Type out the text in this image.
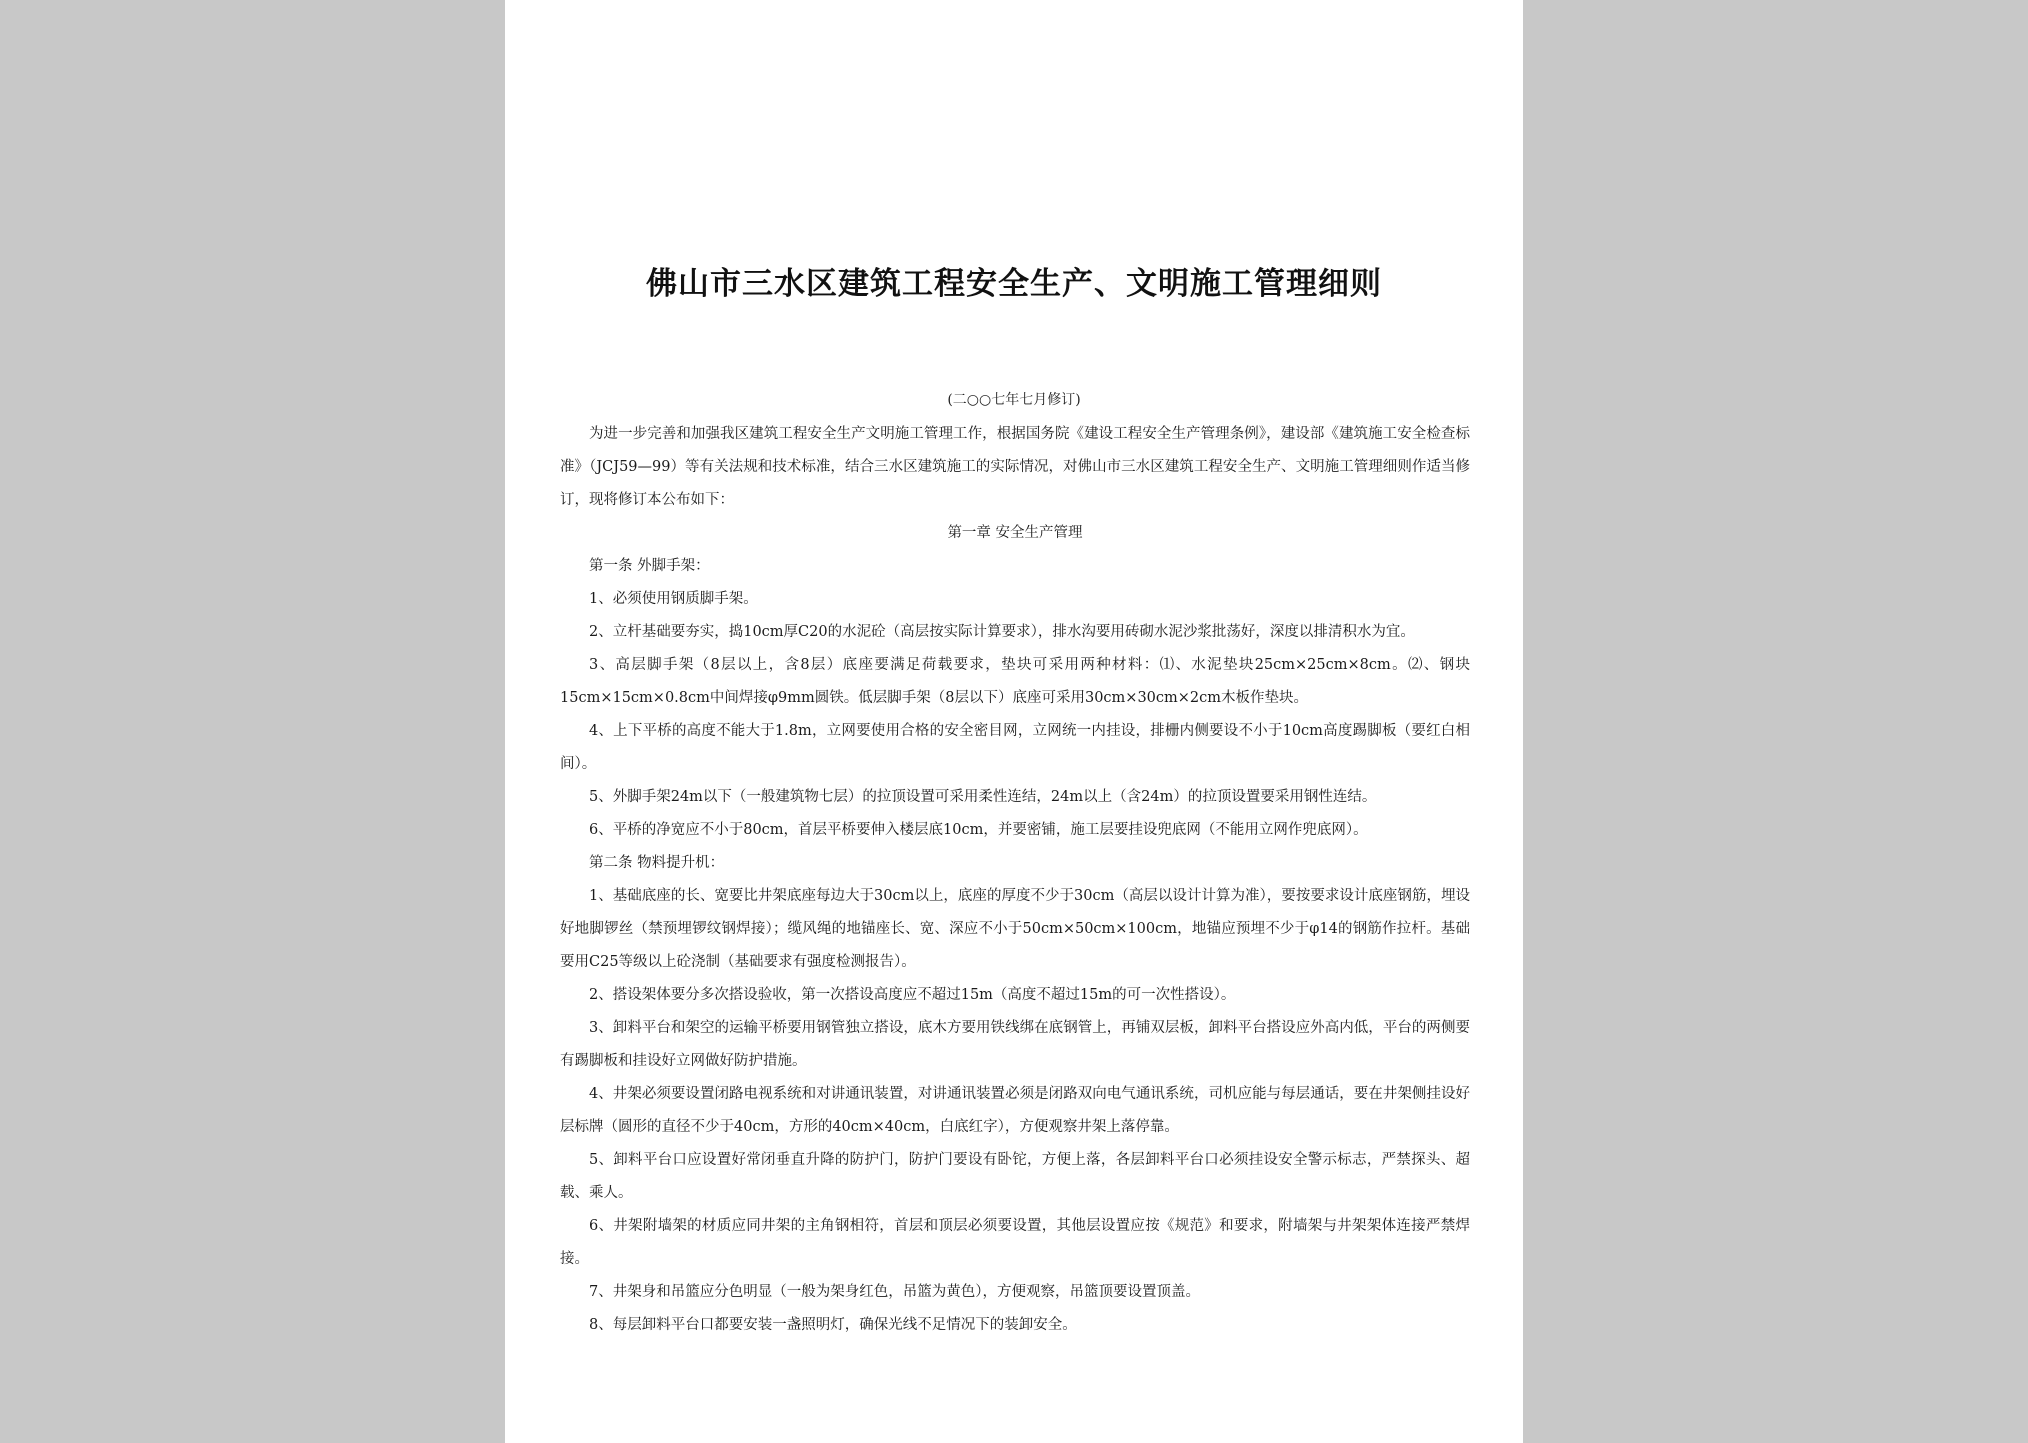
佛山市三水区建筑工程安全生产、文明施工管理细则

(二○○七年七月修订)

为进一步完善和加强我区建筑工程安全生产文明施工管理工作，根据国务院《建设工程安全生产管理条例》，建设部《建筑施工安全检查标准》（JCJ59—99）等有关法规和技术标准，结合三水区建筑施工的实际情况，对佛山市三水区建筑工程安全生产、文明施工管理细则作适当修订，现将修订本公布如下：

第一章 安全生产管理

第一条 外脚手架：

1、必须使用钢质脚手架。

2、立杆基础要夯实，捣10cm厚C20的水泥砼（高层按实际计算要求），排水沟要用砖砌水泥沙浆批荡好，深度以排清积水为宜。

3、高层脚手架（8层以上，含8层）底座要满足荷载要求，垫块可采用两种材料：⑴、水泥垫块25cm×25cm×8cm。⑵、钢块15cm×15cm×0.8cm中间焊接φ9mm圆铁。低层脚手架（8层以下）底座可采用30cm×30cm×2cm木板作垫块。

4、上下平桥的高度不能大于1.8m，立网要使用合格的安全密目网，立网统一内挂设，排栅内侧要设不小于10cm高度踢脚板（要红白相间）。

5、外脚手架24m以下（一般建筑物七层）的拉顶设置可采用柔性连结，24m以上（含24m）的拉顶设置要采用钢性连结。

6、平桥的净宽应不小于80cm，首层平桥要伸入楼层底10cm，并要密铺，施工层要挂设兜底网（不能用立网作兜底网）。

第二条 物料提升机：

1、基础底座的长、宽要比井架底座每边大于30cm以上，底座的厚度不少于30cm（高层以设计计算为准），要按要求设计底座钢筋，埋设好地脚锣丝（禁预埋锣纹钢焊接）；缆风绳的地锚座长、宽、深应不小于50cm×50cm×100cm，地锚应预埋不少于φ14的钢筋作拉杆。基础要用C25等级以上砼浇制（基础要求有强度检测报告）。

2、搭设架体要分多次搭设验收，第一次搭设高度应不超过15m（高度不超过15m的可一次性搭设）。

3、卸料平台和架空的运输平桥要用钢管独立搭设，底木方要用铁线绑在底钢管上，再铺双层板，卸料平台搭设应外高内低，平台的两侧要有踢脚板和挂设好立网做好防护措施。

4、井架必须要设置闭路电视系统和对讲通讯装置，对讲通讯装置必须是闭路双向电气通讯系统，司机应能与每层通话，要在井架侧挂设好层标牌（圆形的直径不少于40cm，方形的40cm×40cm，白底红字），方便观察井架上落停靠。

5、卸料平台口应设置好常闭垂直升降的防护门，防护门要设有卧铊，方便上落，各层卸料平台口必须挂设安全警示标志，严禁探头、超载、乘人。

6、井架附墙架的材质应同井架的主角钢相符，首层和顶层必须要设置，其他层设置应按《规范》和要求，附墙架与井架架体连接严禁焊接。

7、井架身和吊篮应分色明显（一般为架身红色，吊篮为黄色），方便观察，吊篮顶要设置顶盖。

8、每层卸料平台口都要安装一盏照明灯，确保光线不足情况下的装卸安全。
